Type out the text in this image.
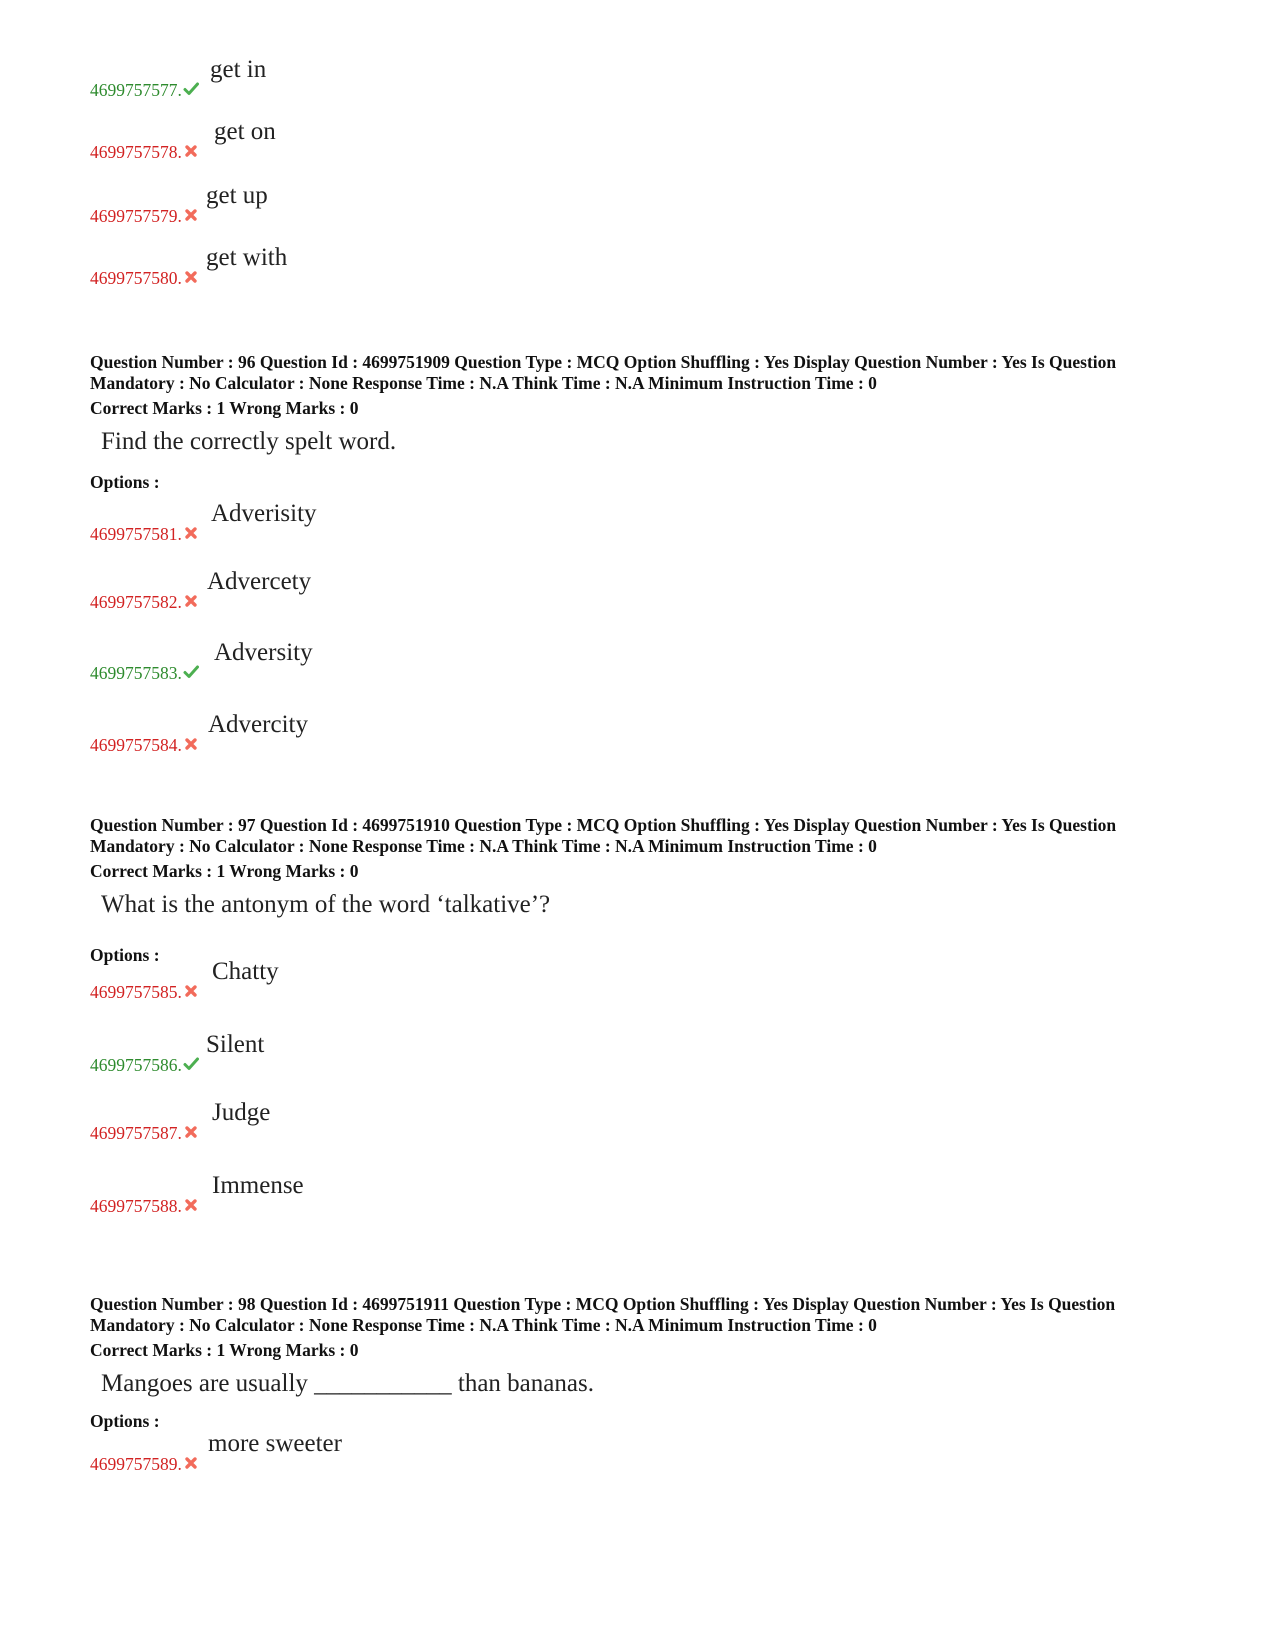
4699757577.
get in
4699757578.
get on
4699757579.
get up
4699757580.
get with
Question Number : 96 Question Id : 4699751909 Question Type : MCQ Option Shuffling : Yes Display Question Number : Yes Is Question
Mandatory : No Calculator : None Response Time : N.A Think Time : N.A Minimum Instruction Time : 0
Correct Marks : 1 Wrong Marks : 0
Find the correctly spelt word.
Options :
4699757581.
Adverisity
4699757582.
Advercety
4699757583.
Adversity
4699757584.
Advercity
Question Number : 97 Question Id : 4699751910 Question Type : MCQ Option Shuffling : Yes Display Question Number : Yes Is Question
Mandatory : No Calculator : None Response Time : N.A Think Time : N.A Minimum Instruction Time : 0
Correct Marks : 1 Wrong Marks : 0
What is the antonym of the word ‘talkative’?
Options :
4699757585.
Chatty
4699757586.
Silent
4699757587.
Judge
4699757588.
Immense
Question Number : 98 Question Id : 4699751911 Question Type : MCQ Option Shuffling : Yes Display Question Number : Yes Is Question
Mandatory : No Calculator : None Response Time : N.A Think Time : N.A Minimum Instruction Time : 0
Correct Marks : 1 Wrong Marks : 0
Mangoes are usually ___________ than bananas.
Options :
4699757589.
more sweeter
